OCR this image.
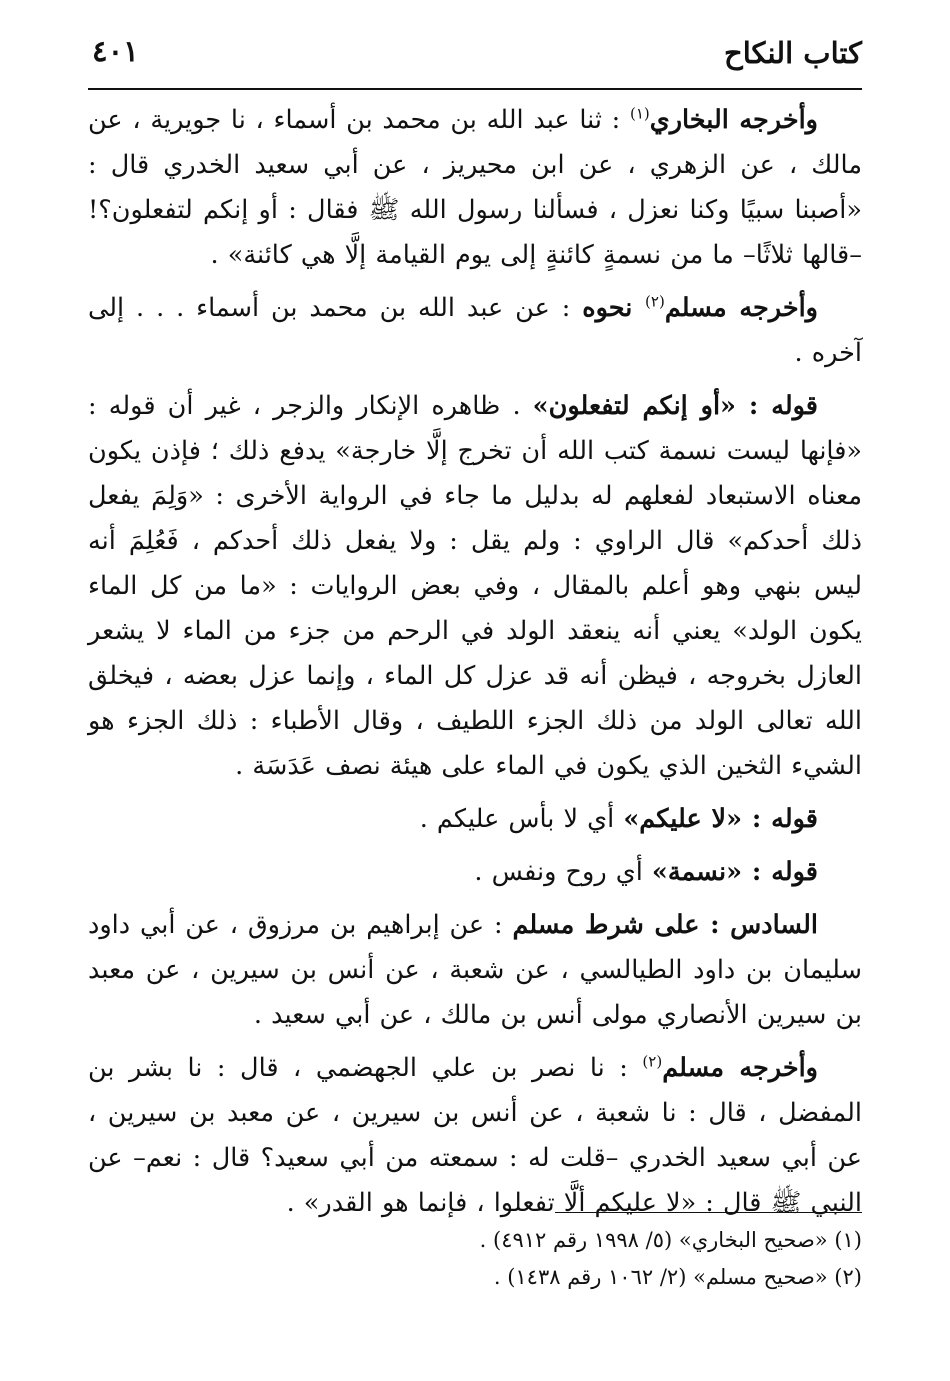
كتاب النكاح
٤٠١

وأخرجه البخاري$^{(١)}$ : ثنا عبد الله بن محمد بن أسماء ، نا جويرية ، عن مالك ، عن الزهري ، عن ابن محيريز ، عن أبي سعيد الخدري قال : «أصبنا سبيًا وكنا نعزل ، فسألنا رسول الله ﷺ فقال : أو إنكم لتفعلون؟! –قالها ثلاثًا– ما من نسمةٍ كائنةٍ إلى يوم القيامة إلَّا هي كائنة» .

وأخرجه مسلم$^{(٢)}$ نحوه : عن عبد الله بن محمد بن أسماء . . . إلى آخره .

قوله : «أو إنكم لتفعلون» . ظاهره الإنكار والزجر ، غير أن قوله : «فإنها ليست نسمة كتب الله أن تخرج إلَّا خارجة» يدفع ذلك ؛ فإذن يكون معناه الاستبعاد لفعلهم له بدليل ما جاء في الرواية الأخرى : «وَلِمَ يفعل ذلك أحدكم» قال الراوي : ولم يقل : ولا يفعل ذلك أحدكم ، فَعُلِمَ أنه ليس بنهي وهو أعلم بالمقال ، وفي بعض الروايات : «ما من كل الماء يكون الولد» يعني أنه ينعقد الولد في الرحم من جزء من الماء لا يشعر العازل بخروجه ، فيظن أنه قد عزل كل الماء ، وإنما عزل بعضه ، فيخلق الله تعالى الولد من ذلك الجزء اللطيف ، وقال الأطباء : ذلك الجزء هو الشيء الثخين الذي يكون في الماء على هيئة نصف عَدَسَة .

قوله : «لا عليكم» أي لا بأس عليكم .

قوله : «نسمة» أي روح ونفس .

السادس : على شرط مسلم : عن إبراهيم بن مرزوق ، عن أبي داود سليمان بن داود الطيالسي ، عن شعبة ، عن أنس بن سيرين ، عن معبد بن سيرين الأنصاري مولى أنس بن مالك ، عن أبي سعيد .

وأخرجه مسلم$^{(٢)}$ : نا نصر بن علي الجهضمي ، قال : نا بشر بن المفضل ، قال : نا شعبة ، عن أنس بن سيرين ، عن معبد بن سيرين ، عن أبي سعيد الخدري –قلت له : سمعته من أبي سعيد؟ قال : نعم– عن النبي ﷺ قال : «لا عليكم ألَّا تفعلوا ، فإنما هو القدر» .

(١) «صحيح البخاري» (٥/ ١٩٩٨ رقم ٤٩١٢) .

(٢) «صحيح مسلم» (٢/ ١٠٦٢ رقم ١٤٣٨) .
